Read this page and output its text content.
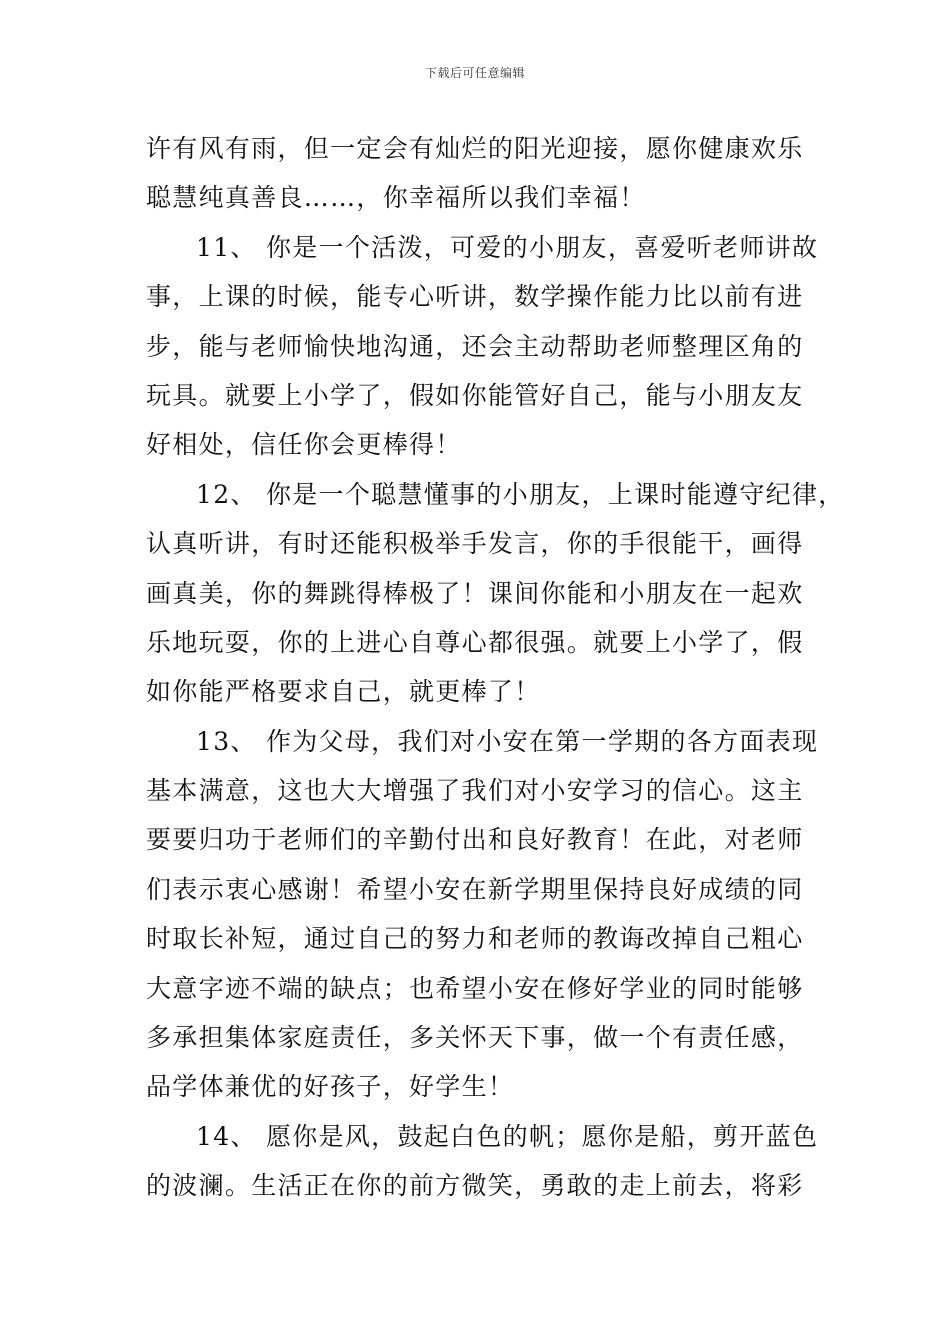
下载后可任意编辑
许有风有雨，但一定会有灿烂的阳光迎接，愿你健康欢乐
聪慧纯真善良……，你幸福所以我们幸福！
11、 你是一个活泼，可爱的小朋友，喜爱听老师讲故
事，上课的时候，能专心听讲，数学操作能力比以前有进
步，能与老师愉快地沟通，还会主动帮助老师整理区角的
玩具。就要上小学了，假如你能管好自己，能与小朋友友
好相处，信任你会更棒得！
12、 你是一个聪慧懂事的小朋友，上课时能遵守纪律，
认真听讲，有时还能积极举手发言，你的手很能干，画得
画真美，你的舞跳得棒极了！课间你能和小朋友在一起欢
乐地玩耍，你的上进心自尊心都很强。就要上小学了，假
如你能严格要求自己，就更棒了！
13、 作为父母，我们对小安在第一学期的各方面表现
基本满意，这也大大增强了我们对小安学习的信心。这主
要要归功于老师们的辛勤付出和良好教育！在此，对老师
们表示衷心感谢！希望小安在新学期里保持良好成绩的同
时取长补短，通过自己的努力和老师的教诲改掉自己粗心
大意字迹不端的缺点；也希望小安在修好学业的同时能够
多承担集体家庭责任，多关怀天下事，做一个有责任感，
品学体兼优的好孩子，好学生！
14、 愿你是风，鼓起白色的帆；愿你是船，剪开蓝色
的波澜。生活正在你的前方微笑，勇敢的走上前去，将彩
